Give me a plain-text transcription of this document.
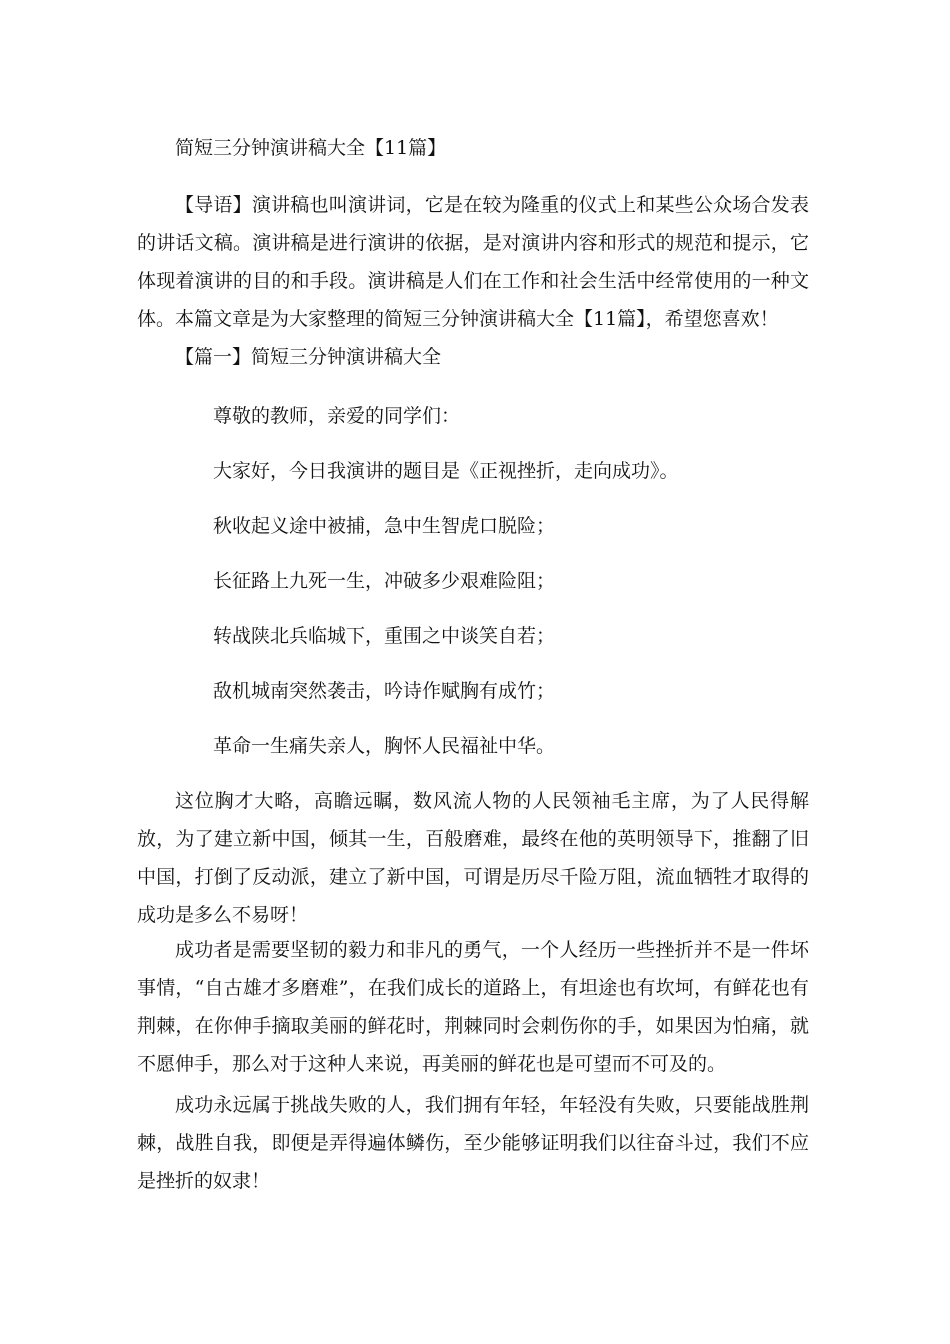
简短三分钟演讲稿大全【11篇】
【导语】演讲稿也叫演讲词，它是在较为隆重的仪式上和某些公众场合发表的讲话文稿。演讲稿是进行演讲的依据，是对演讲内容和形式的规范和提示，它体现着演讲的目的和手段。演讲稿是人们在工作和社会生活中经常使用的一种文体。本篇文章是为大家整理的简短三分钟演讲稿大全【11篇】，希望您喜欢！
【篇一】简短三分钟演讲稿大全
尊敬的教师，亲爱的同学们：
大家好，今日我演讲的题目是《正视挫折，走向成功》。
秋收起义途中被捕，急中生智虎口脱险；
长征路上九死一生，冲破多少艰难险阻；
转战陕北兵临城下，重围之中谈笑自若；
敌机城南突然袭击，吟诗作赋胸有成竹；
革命一生痛失亲人，胸怀人民福祉中华。
这位胸才大略，高瞻远瞩，数风流人物的人民领袖毛主席，为了人民得解放，为了建立新中国，倾其一生，百般磨难，最终在他的英明领导下，推翻了旧中国，打倒了反动派，建立了新中国，可谓是历尽千险万阻，流血牺牲才取得的成功是多么不易呀！
成功者是需要坚韧的毅力和非凡的勇气，一个人经历一些挫折并不是一件坏事情，“自古雄才多磨难”，在我们成长的道路上，有坦途也有坎坷，有鲜花也有荆棘，在你伸手摘取美丽的鲜花时，荆棘同时会刺伤你的手，如果因为怕痛，就不愿伸手，那么对于这种人来说，再美丽的鲜花也是可望而不可及的。
成功永远属于挑战失败的人，我们拥有年轻，年轻没有失败，只要能战胜荆棘，战胜自我，即便是弄得遍体鳞伤，至少能够证明我们以往奋斗过，我们不应是挫折的奴隶！
